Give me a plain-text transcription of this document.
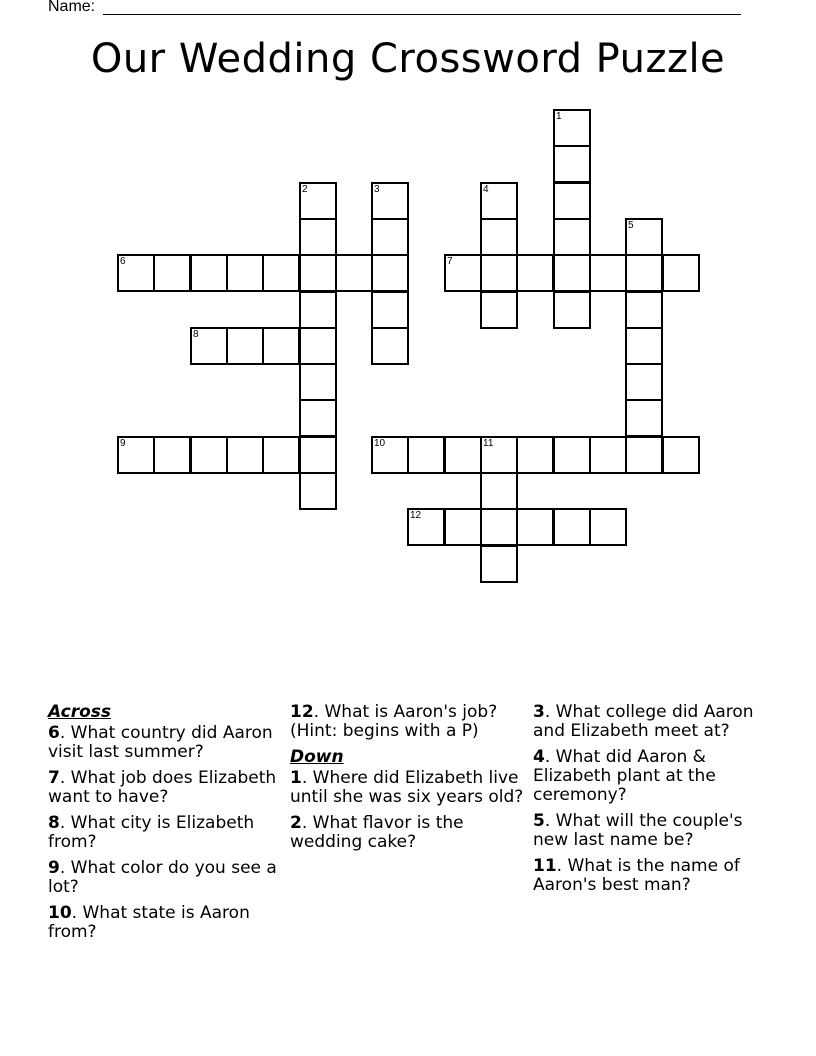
Name:
Our Wedding Crossword Puzzle
1
2	3	4
5
6	7
8
9	10	11
12
Across
6. What country did Aaron visit last summer?
7. What job does Elizabeth want to have?
8. What city is Elizabeth from?
9. What color do you see a lot?
10. What state is Aaron from?
12. What is Aaron's job? (Hint: begins with a P)
Down
1. Where did Elizabeth live until she was six years old?
2. What flavor is the wedding cake?
3. What college did Aaron and Elizabeth meet at?
4. What did Aaron & Elizabeth plant at the ceremony?
5. What will the couple's new last name be?
11. What is the name of Aaron's best man?
